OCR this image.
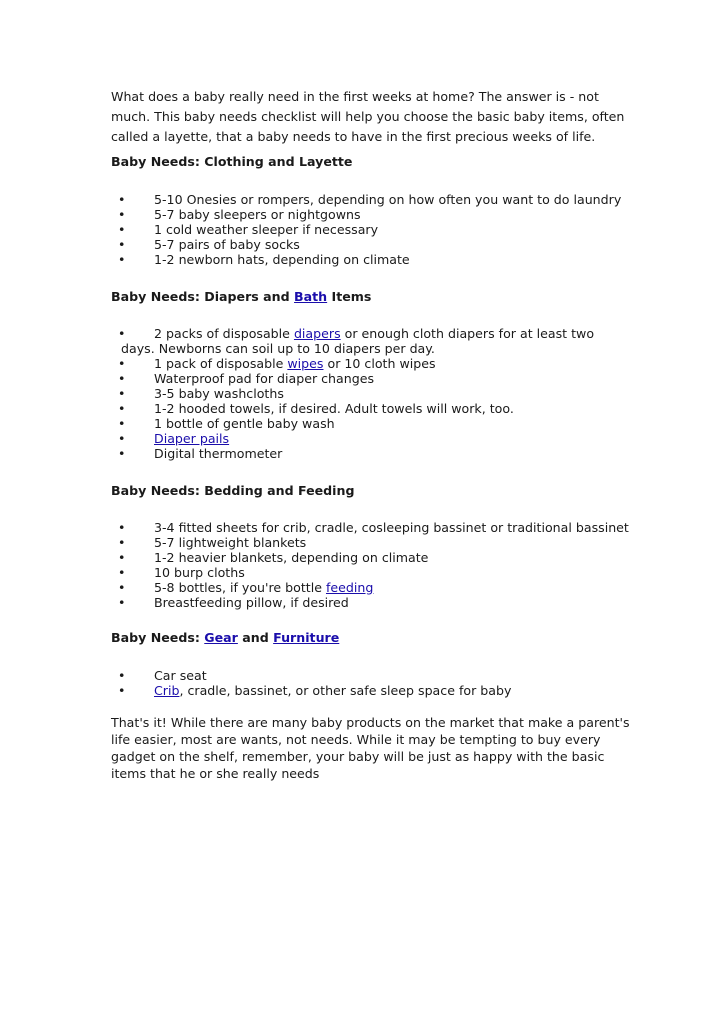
What does a baby really need in the first weeks at home? The answer is - not
much. This baby needs checklist will help you choose the basic baby items, often
called a layette, that a baby needs to have in the first precious weeks of life.
Baby Needs: Clothing and Layette
• 5-10 Onesies or rompers, depending on how often you want to do laundry
• 5-7 baby sleepers or nightgowns
• 1 cold weather sleeper if necessary
• 5-7 pairs of baby socks
• 1-2 newborn hats, depending on climate
Baby Needs: Diapers and Bath Items
• 2 packs of disposable diapers or enough cloth diapers for at least two
days. Newborns can soil up to 10 diapers per day.
• 1 pack of disposable wipes or 10 cloth wipes
• Waterproof pad for diaper changes
• 3-5 baby washcloths
• 1-2 hooded towels, if desired. Adult towels will work, too.
• 1 bottle of gentle baby wash
• Diaper pails
• Digital thermometer
Baby Needs: Bedding and Feeding
• 3-4 fitted sheets for crib, cradle, cosleeping bassinet or traditional bassinet
• 5-7 lightweight blankets
• 1-2 heavier blankets, depending on climate
• 10 burp cloths
• 5-8 bottles, if you're bottle feeding
• Breastfeeding pillow, if desired
Baby Needs: Gear and Furniture
• Car seat
• Crib, cradle, bassinet, or other safe sleep space for baby
That's it! While there are many baby products on the market that make a parent's
life easier, most are wants, not needs. While it may be tempting to buy every
gadget on the shelf, remember, your baby will be just as happy with the basic
items that he or she really needs
